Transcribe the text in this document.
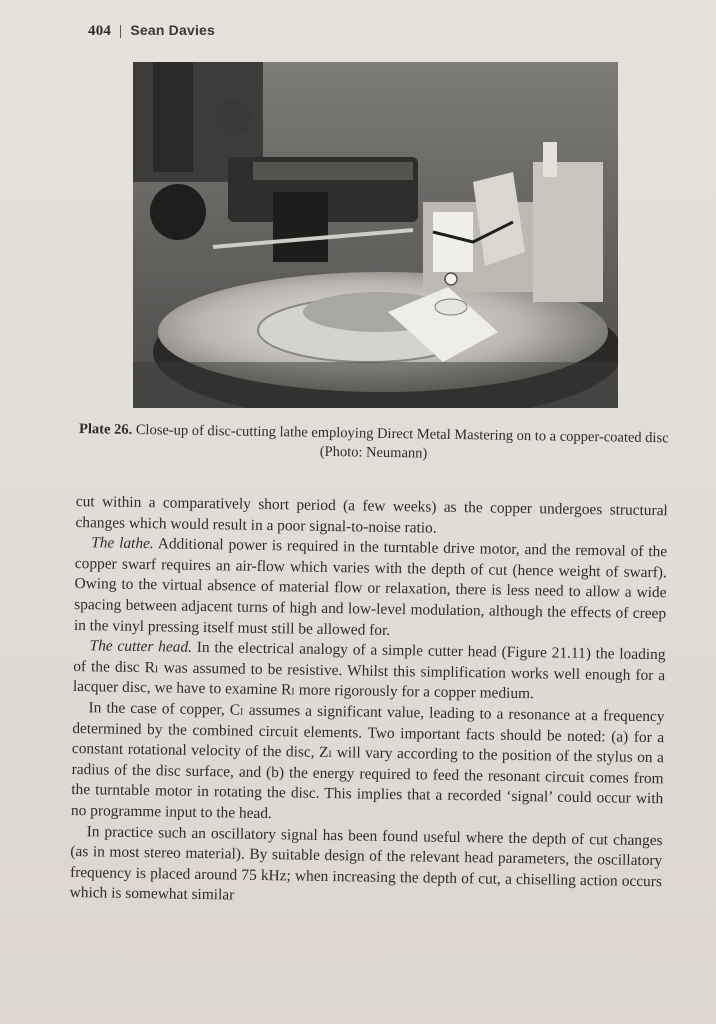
404 | Sean Davies
Plate 26. Close-up of disc-cutting lathe employing Direct Metal Mastering on to a copper-coated disc (Photo: Neumann)

cut within a comparatively short period (a few weeks) as the copper undergoes structural changes which would result in a poor signal-to-noise ratio.

The lathe. Additional power is required in the turntable drive motor, and the removal of the copper swarf requires an air-flow which varies with the depth of cut (hence weight of swarf). Owing to the virtual absence of material flow or relaxation, there is less need to allow a wide spacing between adjacent turns of high and low-level modulation, although the effects of creep in the vinyl pressing itself must still be allowed for.

The cutter head. In the electrical analogy of a simple cutter head (Figure 21.11) the loading of the disc Rₗ was assumed to be resistive. Whilst this simplification works well enough for a lacquer disc, we have to examine Rₗ more rigorously for a copper medium.

In the case of copper, Cₗ assumes a significant value, leading to a resonance at a frequency determined by the combined circuit elements. Two important facts should be noted: (a) for a constant rotational velocity of the disc, Zₗ will vary according to the position of the stylus on a radius of the disc surface, and (b) the energy required to feed the resonant circuit comes from the turntable motor in rotating the disc. This implies that a recorded ‘signal’ could occur with no programme input to the head.

In practice such an oscillatory signal has been found useful where the depth of cut changes (as in most stereo material). By suitable design of the relevant head parameters, the oscillatory frequency is placed around 75 kHz; when increasing the depth of cut, a chiselling action occurs which is somewhat similar
